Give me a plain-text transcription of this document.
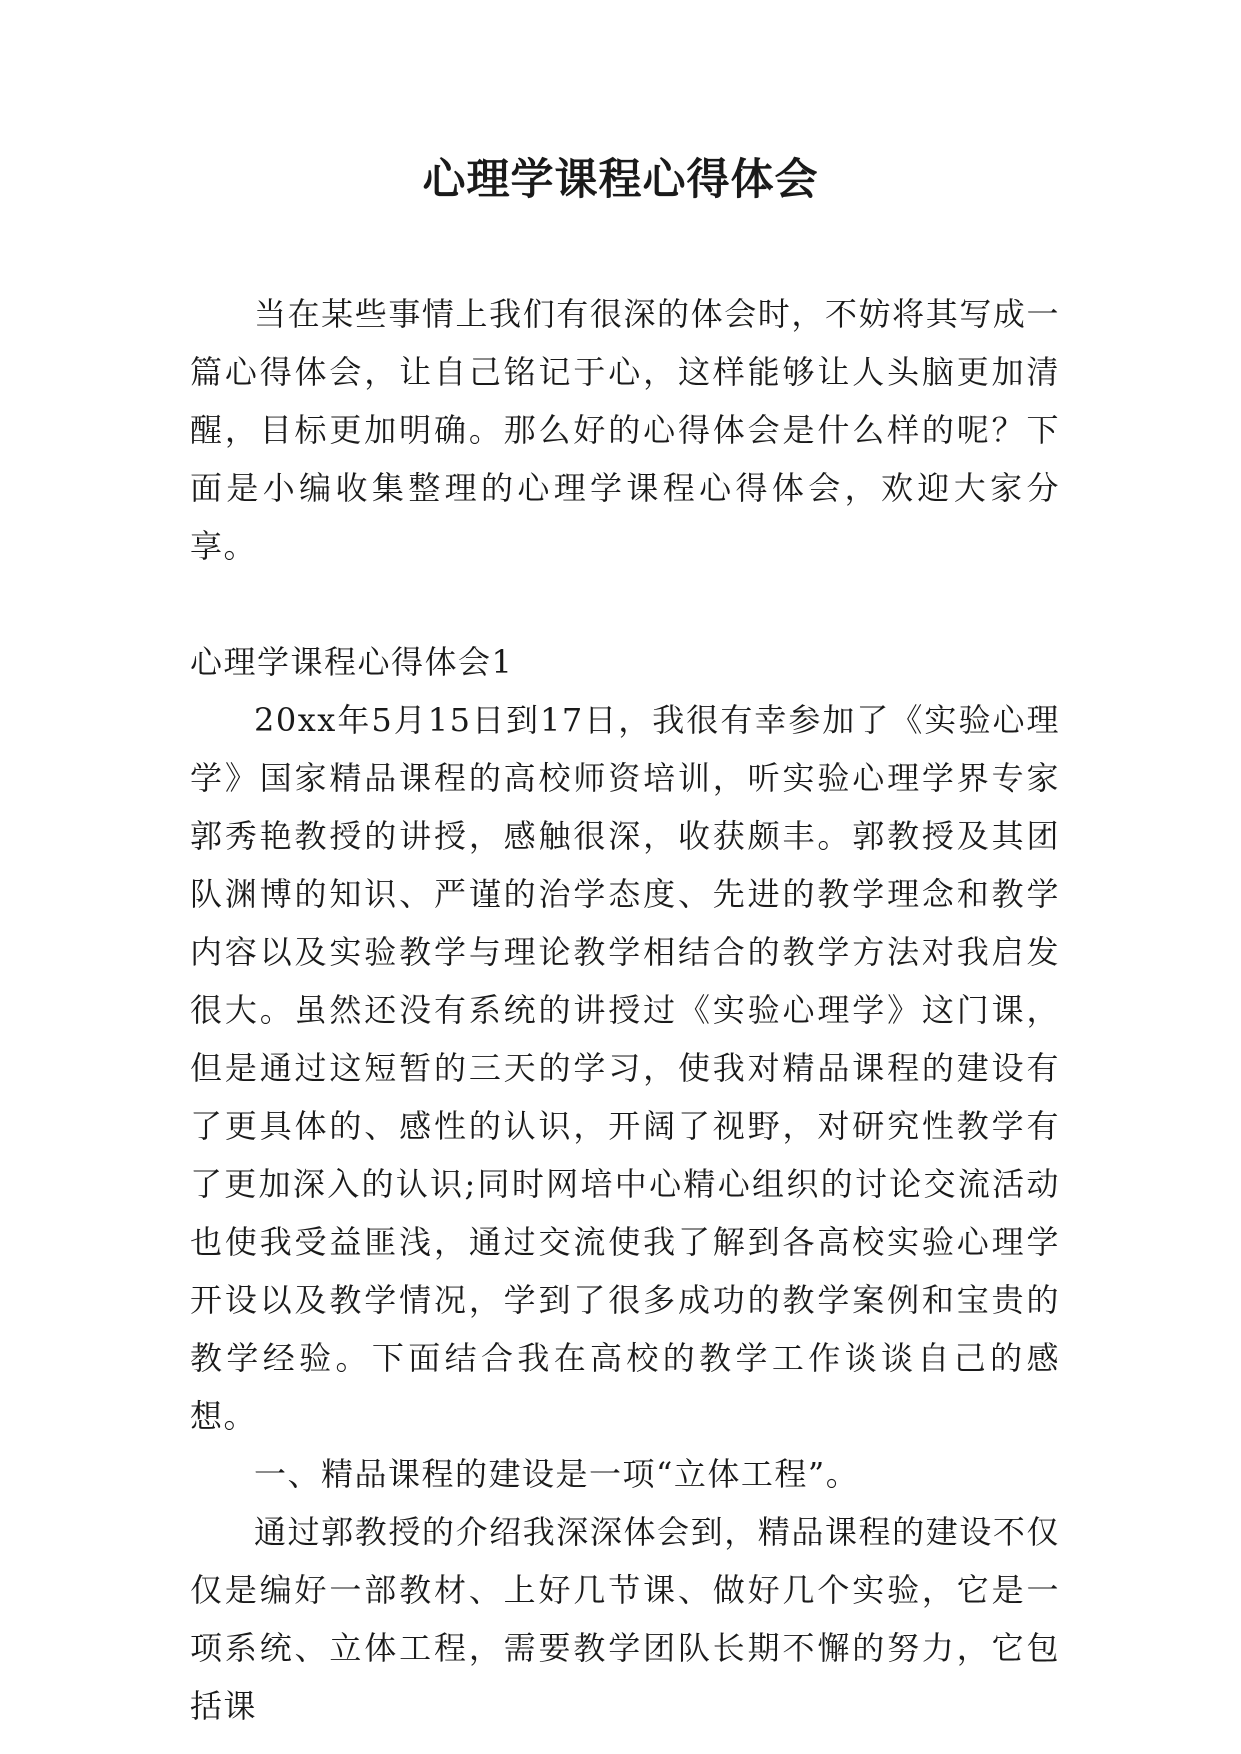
心理学课程心得体会

当在某些事情上我们有很深的体会时，不妨将其写成一篇心得体会，让自己铭记于心，这样能够让人头脑更加清醒，目标更加明确。那么好的心得体会是什么样的呢？下面是小编收集整理的心理学课程心得体会，欢迎大家分享。

心理学课程心得体会1

20xx年5月15日到17日，我很有幸参加了《实验心理学》国家精品课程的高校师资培训，听实验心理学界专家郭秀艳教授的讲授，感触很深，收获颇丰。郭教授及其团队渊博的知识、严谨的治学态度、先进的教学理念和教学内容以及实验教学与理论教学相结合的教学方法对我启发很大。虽然还没有系统的讲授过《实验心理学》这门课，但是通过这短暂的三天的学习，使我对精品课程的建设有了更具体的、感性的认识，开阔了视野，对研究性教学有了更加深入的认识;同时网培中心精心组织的讨论交流活动也使我受益匪浅，通过交流使我了解到各高校实验心理学开设以及教学情况，学到了很多成功的教学案例和宝贵的教学经验。下面结合我在高校的教学工作谈谈自己的感想。

一、精品课程的建设是一项“立体工程”。

通过郭教授的介绍我深深体会到，精品课程的建设不仅仅是编好一部教材、上好几节课、做好几个实验，它是一项系统、立体工程，需要教学团队长期不懈的努力，它包括课
